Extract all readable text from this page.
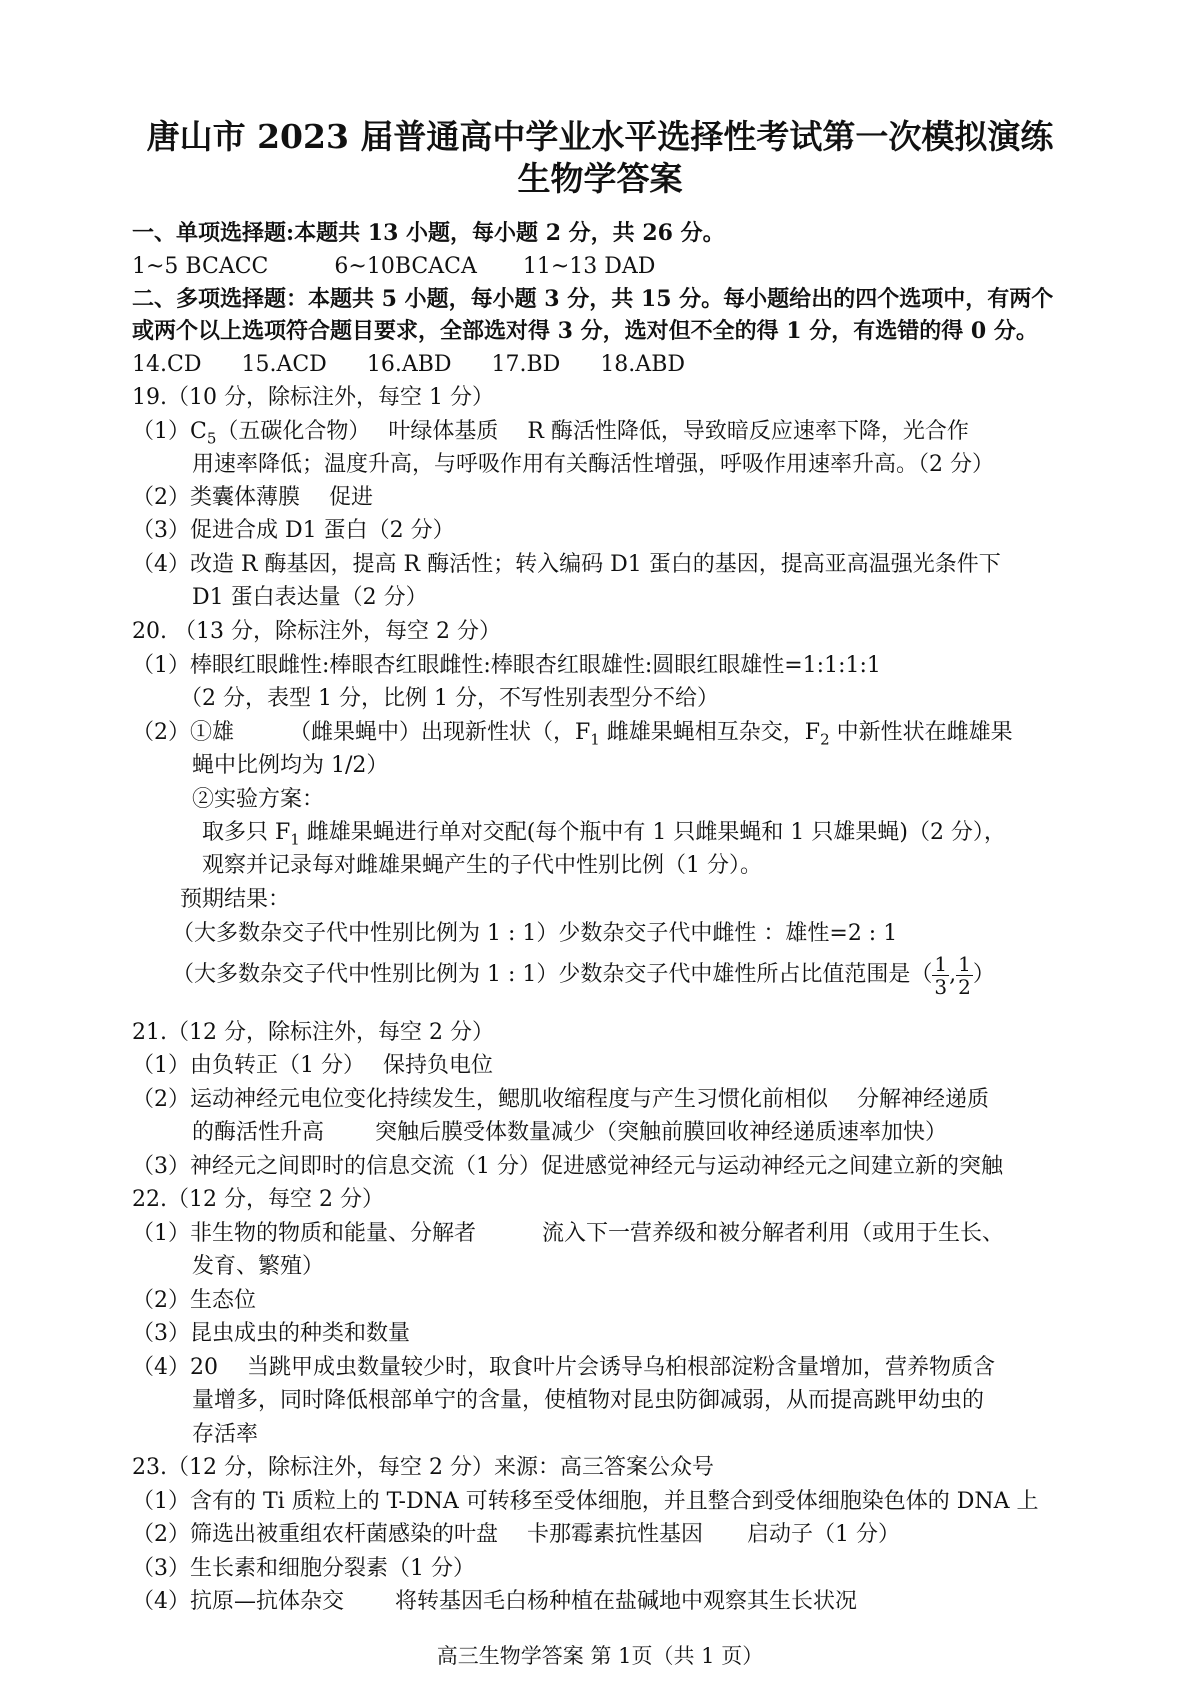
唐山市 2023 届普通高中学业水平选择性考试第一次模拟演练
生物学答案
一、单项选择题:本题共 13 小题，每小题 2 分，共 26 分。
1~5 BCACC	6~10BCACA 11~13 DAD
二、多项选择题：本题共 5 小题，每小题 3 分，共 15 分。每小题给出的四个选项中，有两个
或两个以上选项符合题目要求，全部选对得 3 分，选对但不全的得 1 分，有选错的得 0 分。
14.CD 15.ACD 16.ABD 17.BD 18.ABD
19.（10 分，除标注外，每空 1 分）
$(1)C_5$（五碳化合物）　 叶绿体基质　 R 酶活性降低，导致暗反应速率下降，光合作
用速率降低；温度升高，与呼吸作用有关酶活性增强，呼吸作用速率升高。（2 分）
（2）类囊体薄膜　 促进
（3）促进合成 D1 蛋白（2 分）
（4）改造 R 酶基因，提高 R 酶活性；转入编码 D1 蛋白的基因，提高亚高温强光条件下
D1 蛋白表达量（2 分）
20. （13 分，除标注外，每空 2 分）
（1）棒眼红眼雌性:棒眼杏红眼雌性:棒眼杏红眼雄性:圆眼红眼雄性=1:1:1:1
（2 分，表型 1 分，比例 1 分，不写性别表型分不给）
（2）①雄　　　（雌果蝇中）出现新性状（，$F_1$ 雌雄果蝇相互杂交，$F_2$ 中新性状在雌雄果
蝇中比例均为 1/2）
②实验方案：
取多只 $F_1$ 雌雄果蝇进行单对交配(每个瓶中有 1 只雌果蝇和 1 只雄果蝇)（2 分），
观察并记录每对雌雄果蝇产生的子代中性别比例（1 分）。
预期结果：
（大多数杂交子代中性别比例为 1 : 1）少数杂交子代中雌性 ：雄性=2 : 1
（大多数杂交子代中性别比例为 1 : 1）少数杂交子代中雄性所占比值范围是（ $\frac{1}{3}$ , $\frac{1}{2}$ ）
21.（12 分，除标注外，每空 2 分）
（1）由负转正（1 分）　 保持负电位
（2）运动神经元电位变化持续发生，鳃肌收缩程度与产生习惯化前相似　 分解神经递质
的酶活性升高　　 突触后膜受体数量减少（突触前膜回收神经递质速率加快）
（3）神经元之间即时的信息交流（1 分）促进感觉神经元与运动神经元之间建立新的突触
22.（12 分，每空 2 分）
（1）非生物的物质和能量、分解者　　　流入下一营养级和被分解者利用（或用于生长、
发育、繁殖）
（2）生态位
（3）昆虫成虫的种类和数量
（4）20　 当跳甲成虫数量较少时，取食叶片会诱导乌桕根部淀粉含量增加，营养物质含
量增多，同时降低根部单宁的含量，使植物对昆虫防御减弱，从而提高跳甲幼虫的
存活率
23.（12 分，除标注外，每空 2 分）来源：高三答案公众号
（1）含有的 Ti 质粒上的 T-DNA 可转移至受体细胞，并且整合到受体细胞染色体的 DNA 上
（2）筛选出被重组农杆菌感染的叶盘　 卡那霉素抗性基因　　启动子（1 分）
（3）生长素和细胞分裂素（1 分）
（4）抗原—抗体杂交　　 将转基因毛白杨种植在盐碱地中观察其生长状况
高三生物学答案 第 1页（共 1 页）
